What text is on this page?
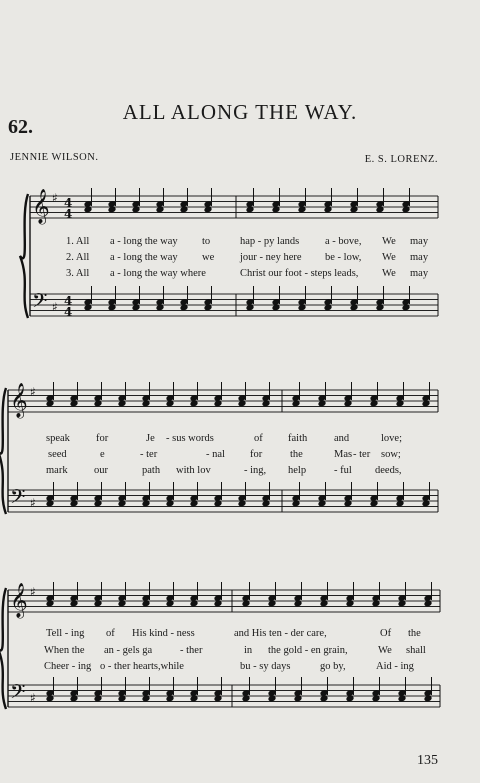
62.
ALL ALONG THE WAY.
JENNIE WILSON.	E. S. LORENZ.
𝄞
𝄢
♯
♯
4
4
4
4
𝄞
𝄢
♯
♯
𝄞
𝄢
♯
♯
1. All a - long the way to	hap - py lands a - bove, We may
2. All a - long the way we jour - ney here be - low, We may
3. All a - long the way where	Christ our foot - steps leads, We may
speak for	Je - sus words	of faith	and	love;
seed	e	- ter	- nal for	the	Mas - ter sow;
mark	our	path with lov	- ing, help	- ful deeds,
Tell - ing of His kind - ness	and His ten - der care,	Of the
When the an - gels ga	- ther	in the gold - en grain,	We shall
Cheer - ing o - ther hearts,while	bu - sy days	go by,	Aid - ing
135
